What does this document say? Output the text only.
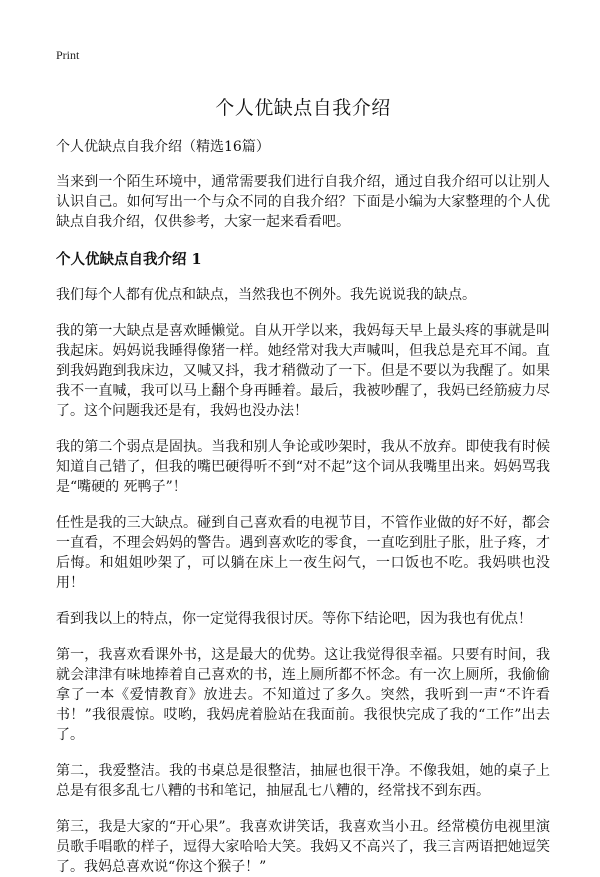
Print
个人优缺点自我介绍
个人优缺点自我介绍（精选16篇）
当来到一个陌生环境中，通常需要我们进行自我介绍，通过自我介绍可以让别人认识自己。如何写出一个与众不同的自我介绍？下面是小编为大家整理的个人优缺点自我介绍，仅供参考，大家一起来看看吧。
个人优缺点自我介绍 1
我们每个人都有优点和缺点，当然我也不例外。我先说说我的缺点。
我的第一大缺点是喜欢睡懒觉。自从开学以来，我妈每天早上最头疼的事就是叫我起床。妈妈说我睡得像猪一样。她经常对我大声喊叫，但我总是充耳不闻。直到我妈跑到我床边，又喊又抖，我才稍微动了一下。但是不要以为我醒了。如果我不一直喊，我可以马上翻个身再睡着。最后，我被吵醒了，我妈已经筋疲力尽了。这个问题我还是有，我妈也没办法！
我的第二个弱点是固执。当我和别人争论或吵架时，我从不放弃。即使我有时候知道自己错了，但我的嘴巴硬得听不到“对不起”这个词从我嘴里出来。妈妈骂我是“嘴硬的 死鸭子”！
任性是我的三大缺点。碰到自己喜欢看的电视节目，不管作业做的好不好，都会一直看，不理会妈妈的警告。遇到喜欢吃的零食，一直吃到肚子胀，肚子疼，才后悔。和姐姐吵架了，可以躺在床上一夜生闷气，一口饭也不吃。我妈哄也没用！
看到我以上的特点，你一定觉得我很讨厌。等你下结论吧，因为我也有优点！
第一，我喜欢看课外书，这是最大的优势。这让我觉得很幸福。只要有时间，我就会津津有味地捧着自己喜欢的书，连上厕所都不怀念。有一次上厕所，我偷偷拿了一本《爱情教育》放进去。不知道过了多久。突然，我听到一声“不许看书！”我很震惊。哎哟，我妈虎着脸站在我面前。我很快完成了我的“工作”出去了。
第二，我爱整洁。我的书桌总是很整洁，抽屉也很干净。不像我姐，她的桌子上总是有很多乱七八糟的书和笔记，抽屉乱七八糟的，经常找不到东西。
第三，我是大家的“开心果”。我喜欢讲笑话，我喜欢当小丑。经常模仿电视里演员歌手唱歌的样子，逗得大家哈哈大笑。我妈又不高兴了，我三言两语把她逗笑了。我妈总喜欢说“你这个猴子！”
